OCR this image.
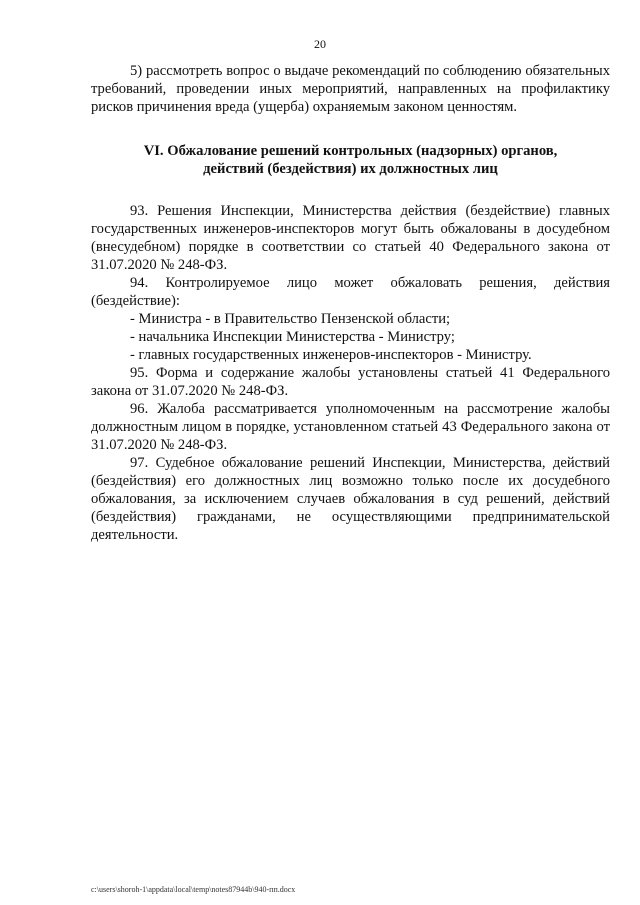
20

5) рассмотреть вопрос о выдаче рекомендаций по соблюдению обязательных требований, проведении иных мероприятий, направленных на профилактику рисков причинения вреда (ущерба) охраняемым законом ценностям.

VI. Обжалование решений контрольных (надзорных) органов,
действий (бездействия) их должностных лиц

93. Решения Инспекции, Министерства действия (бездействие) главных государственных инженеров-инспекторов могут быть обжалованы в досудебном (внесудебном) порядке в соответствии со статьей 40 Федерального закона от 31.07.2020 № 248-ФЗ.

94. Контролируемое лицо может обжаловать решения, действия (бездействие):

- Министра - в Правительство Пензенской области;

- начальника Инспекции Министерства - Министру;

- главных государственных инженеров-инспекторов - Министру.

95. Форма и содержание жалобы установлены статьей 41 Федерального закона от 31.07.2020 № 248-ФЗ.

96. Жалоба рассматривается уполномоченным на рассмотрение жалобы должностным лицом в порядке, установленном статьей 43 Федерального закона от 31.07.2020 № 248-ФЗ.

97. Судебное обжалование решений Инспекции, Министерства, действий (бездействия) его должностных лиц возможно только после их досудебного обжалования, за исключением случаев обжалования в суд решений, действий (бездействия) гражданами, не осуществляющими предпринимательской деятельности.

c:\users\shoroh-1\appdata\local\temp\notes87944b\940-пп.docx
